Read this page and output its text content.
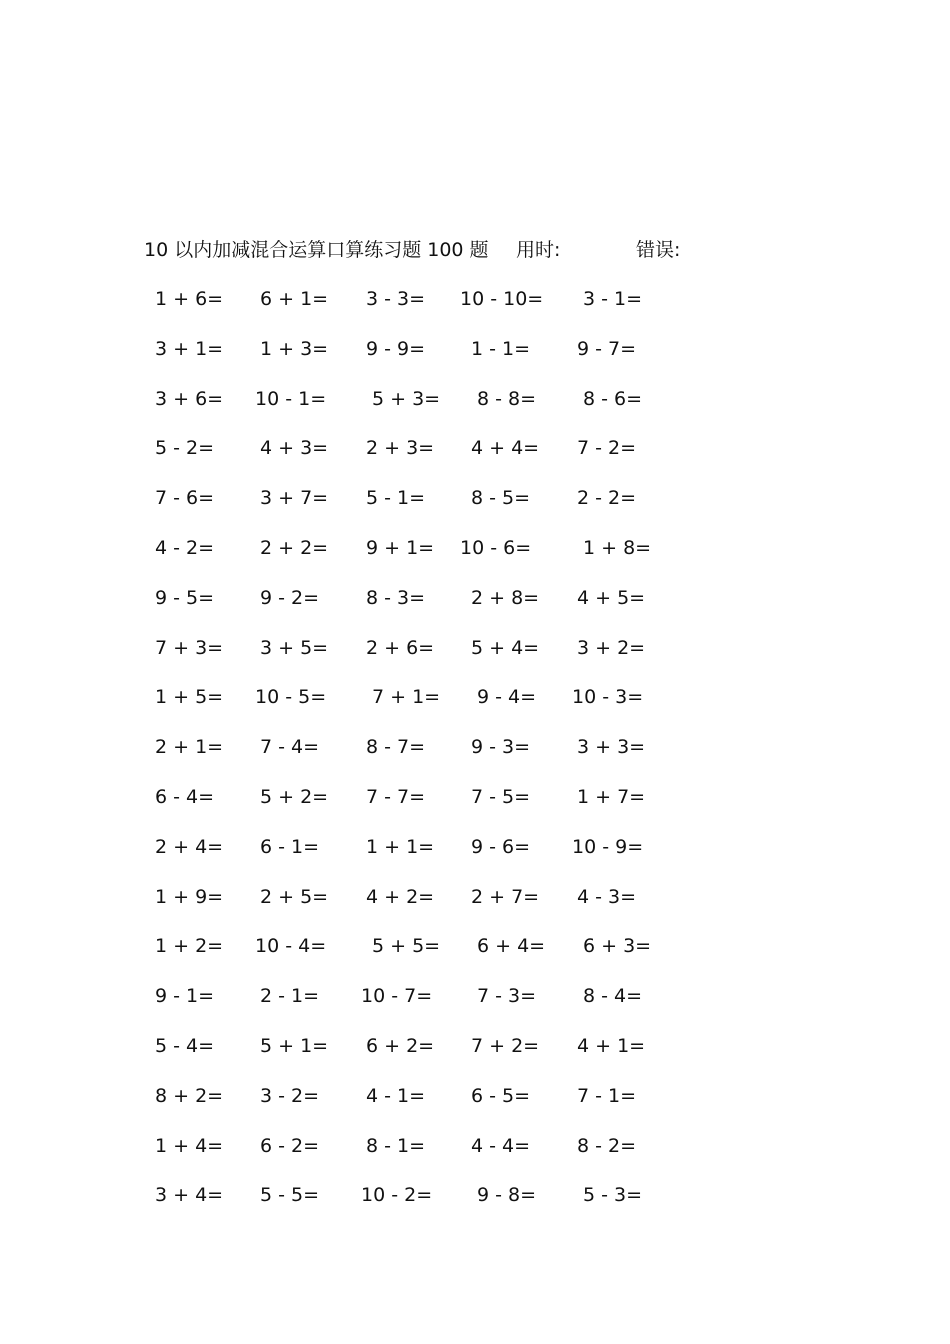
10 以内加减混合运算口算练习题 100 题 用时:	错误:
1 + 6= 6 + 1= 3 - 3= 10 - 10= 3 - 1=
3 + 1= 1 + 3= 9 - 9= 1 - 1= 9 - 7=
3 + 6= 10 - 1= 5 + 3= 8 - 8= 8 - 6=
5 - 2= 4 + 3= 2 + 3= 4 + 4= 7 - 2=
7 - 6= 3 + 7= 5 - 1= 8 - 5= 2 - 2=
4 - 2= 2 + 2= 9 + 1= 10 - 6=	1 + 8=
9 - 5= 9 - 2= 8 - 3= 2 + 8= 4 + 5=
7 + 3= 3 + 5= 2 + 6= 5 + 4= 3 + 2=
1 + 5= 10 - 5= 7 + 1= 9 - 4= 10 - 3=
2 + 1= 7 - 4= 8 - 7= 9 - 3= 3 + 3=
6 - 4= 5 + 2= 7 - 7= 7 - 5= 1 + 7=
2 + 4= 6 - 1= 1 + 1= 9 - 6= 10 - 9=
1 + 9= 2 + 5= 4 + 2= 2 + 7= 4 - 3=
1 + 2= 10 - 4= 5 + 5= 6 + 4= 6 + 3=
9 - 1= 2 - 1= 10 - 7= 7 - 3= 8 - 4=
5 - 4= 5 + 1= 6 + 2= 7 + 2= 4 + 1=
8 + 2= 3 - 2= 4 - 1= 6 - 5= 7 - 1=
1 + 4= 6 - 2= 8 - 1= 4 - 4= 8 - 2=
3 + 4= 5 - 5= 10 - 2= 9 - 8= 5 - 3=
